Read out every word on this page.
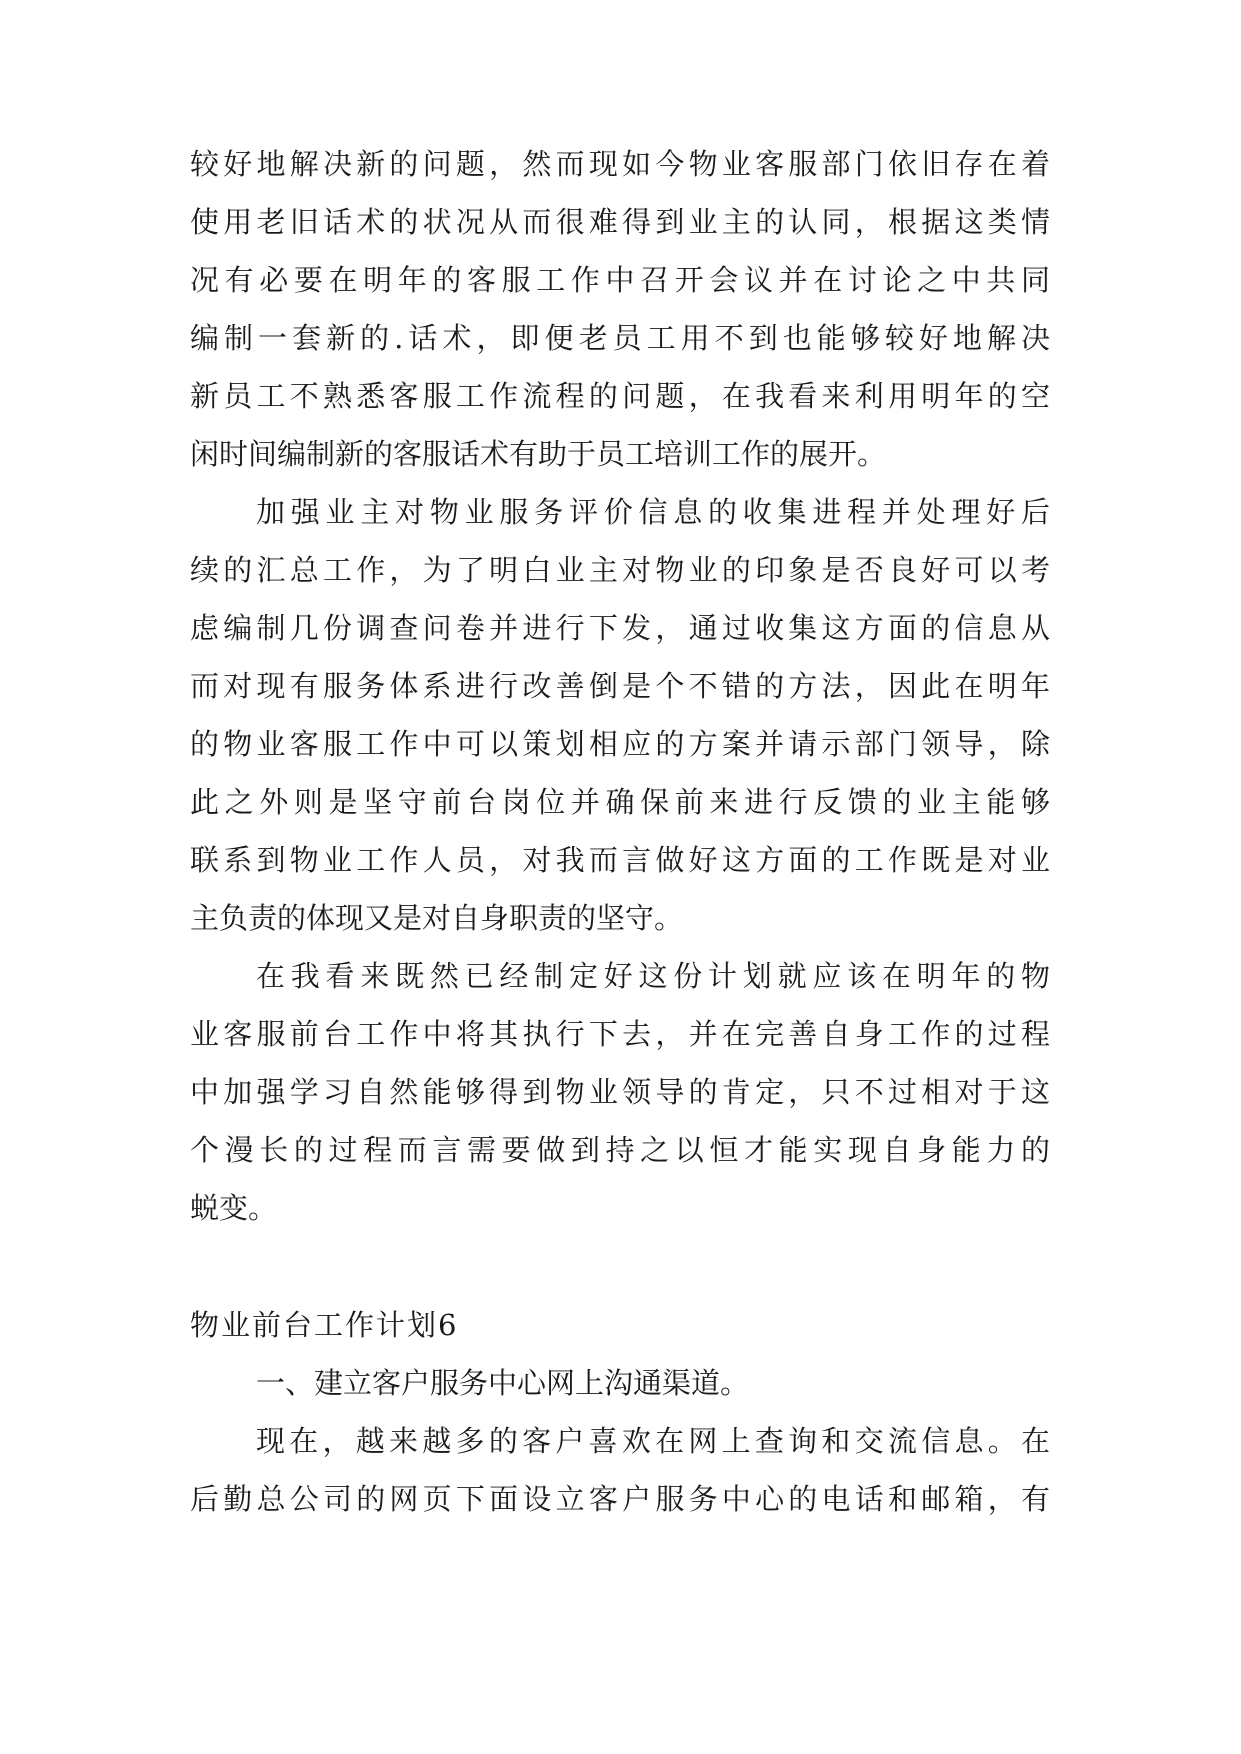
较好地解决新的问题，然而现如今物业客服部门依旧存在着
使用老旧话术的状况从而很难得到业主的认同，根据这类情
况有必要在明年的客服工作中召开会议并在讨论之中共同
编制一套新的.话术，即便老员工用不到也能够较好地解决
新员工不熟悉客服工作流程的问题，在我看来利用明年的空
闲时间编制新的客服话术有助于员工培训工作的展开。
加强业主对物业服务评价信息的收集进程并处理好后
续的汇总工作，为了明白业主对物业的印象是否良好可以考
虑编制几份调查问卷并进行下发，通过收集这方面的信息从
而对现有服务体系进行改善倒是个不错的方法，因此在明年
的物业客服工作中可以策划相应的方案并请示部门领导，除
此之外则是坚守前台岗位并确保前来进行反馈的业主能够
联系到物业工作人员，对我而言做好这方面的工作既是对业
主负责的体现又是对自身职责的坚守。
在我看来既然已经制定好这份计划就应该在明年的物
业客服前台工作中将其执行下去，并在完善自身工作的过程
中加强学习自然能够得到物业领导的肯定，只不过相对于这
个漫长的过程而言需要做到持之以恒才能实现自身能力的
蜕变。
物业前台工作计划6
一、建立客户服务中心网上沟通渠道。
现在，越来越多的客户喜欢在网上查询和交流信息。在
后勤总公司的网页下面设立客户服务中心的电话和邮箱，有
